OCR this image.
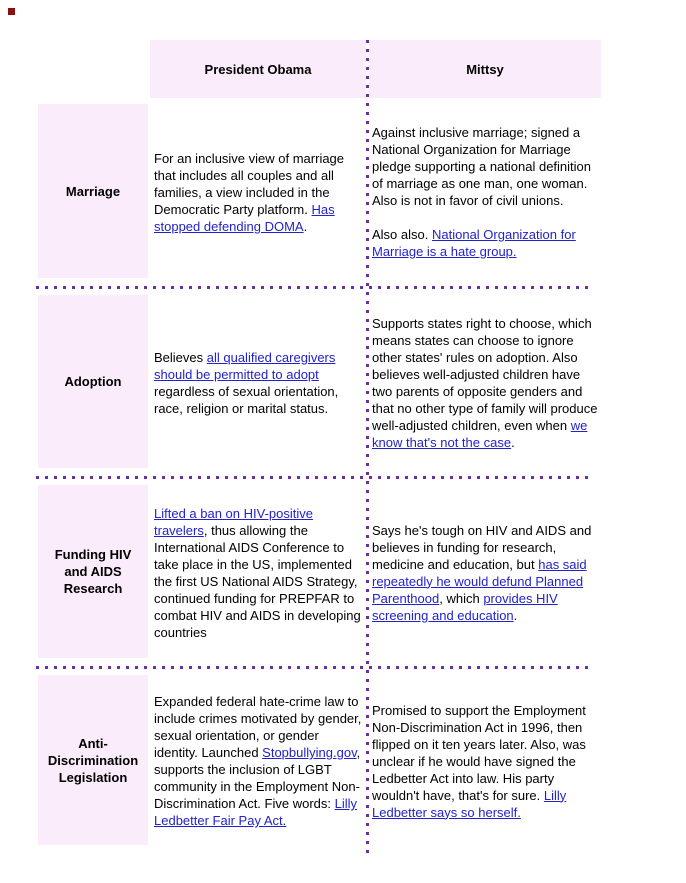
President Obama	Mittsy
Marriage

For an inclusive view of marriage that includes all couples and all families, a view included in the Democratic Party platform. Has stopped defending DOMA.

Against inclusive marriage; signed a National Organization for Marriage pledge supporting a national definition of marriage as one man, one woman. Also is not in favor of civil unions.

Also also. National Organization for Marriage is a hate group.

Adoption

Believes all qualified caregivers should be permitted to adopt regardless of sexual orientation, race, religion or marital status.

Supports states right to choose, which means states can choose to ignore other states' rules on adoption. Also believes well-adjusted children have two parents of opposite genders and that no other type of family will produce well-adjusted children, even when we know that's not the case.

Funding HIV and AIDS Research

Lifted a ban on HIV-positive travelers, thus allowing the International AIDS Conference to take place in the US, implemented the first US National AIDS Strategy, continued funding for PREPFAR to combat HIV and AIDS in developing countries

Says he's tough on HIV and AIDS and believes in funding for research, medicine and education, but has said repeatedly he would defund Planned Parenthood, which provides HIV screening and education.

Anti-Discrimination Legislation

Expanded federal hate-crime law to include crimes motivated by gender, sexual orientation, or gender identity. Launched Stopbullying.gov, supports the inclusion of LGBT community in the Employment Non-Discrimination Act. Five words: Lilly Ledbetter Fair Pay Act.

Promised to support the Employment Non-Discrimination Act in 1996, then flipped on it ten years later. Also, was unclear if he would have signed the Ledbetter Act into law. His party wouldn't have, that's for sure. Lilly Ledbetter says so herself.
